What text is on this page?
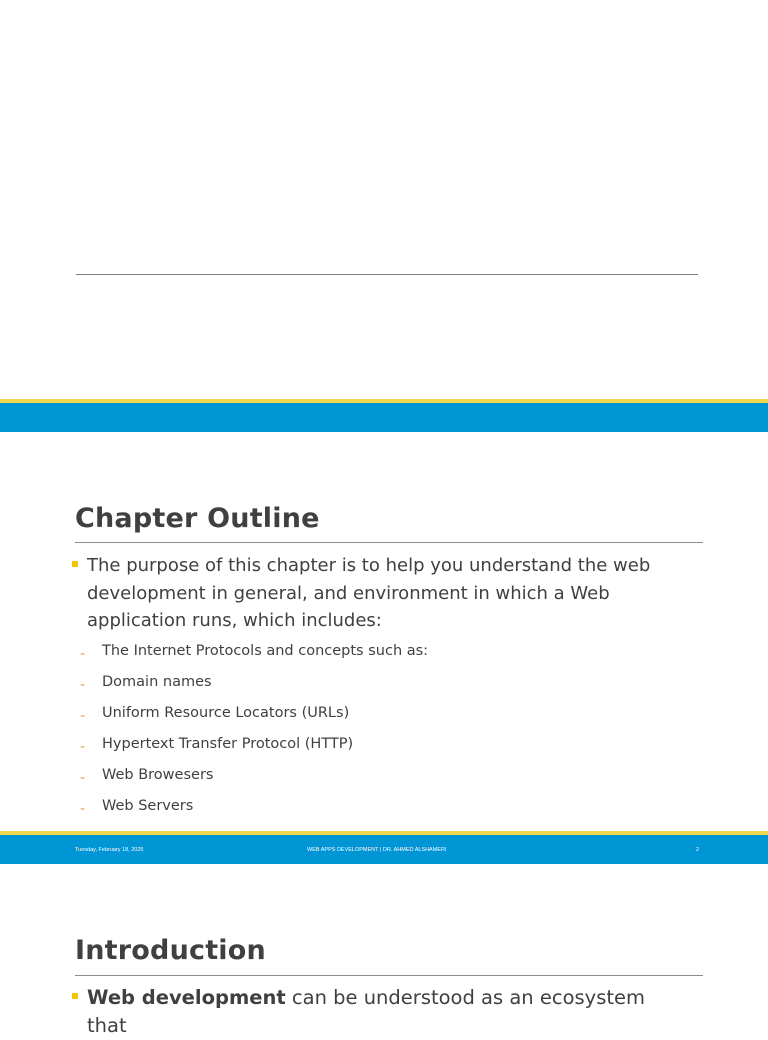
Chapter Outline
The purpose of this chapter is to help you understand the web
development in general, and environment in which a Web
application runs, which includes:
- The Internet Protocols and concepts such as:
- Domain names
- Uniform Resource Locators (URLs)
- Hypertext Transfer Protocol (HTTP)
- Web Browesers
- Web Servers
Tuesday, February 18, 2025	WEB APPS DEVELOPMENT | DR. AHMED ALSHAMERI	2
Introduction
Web development can be understood as an ecosystem
that
